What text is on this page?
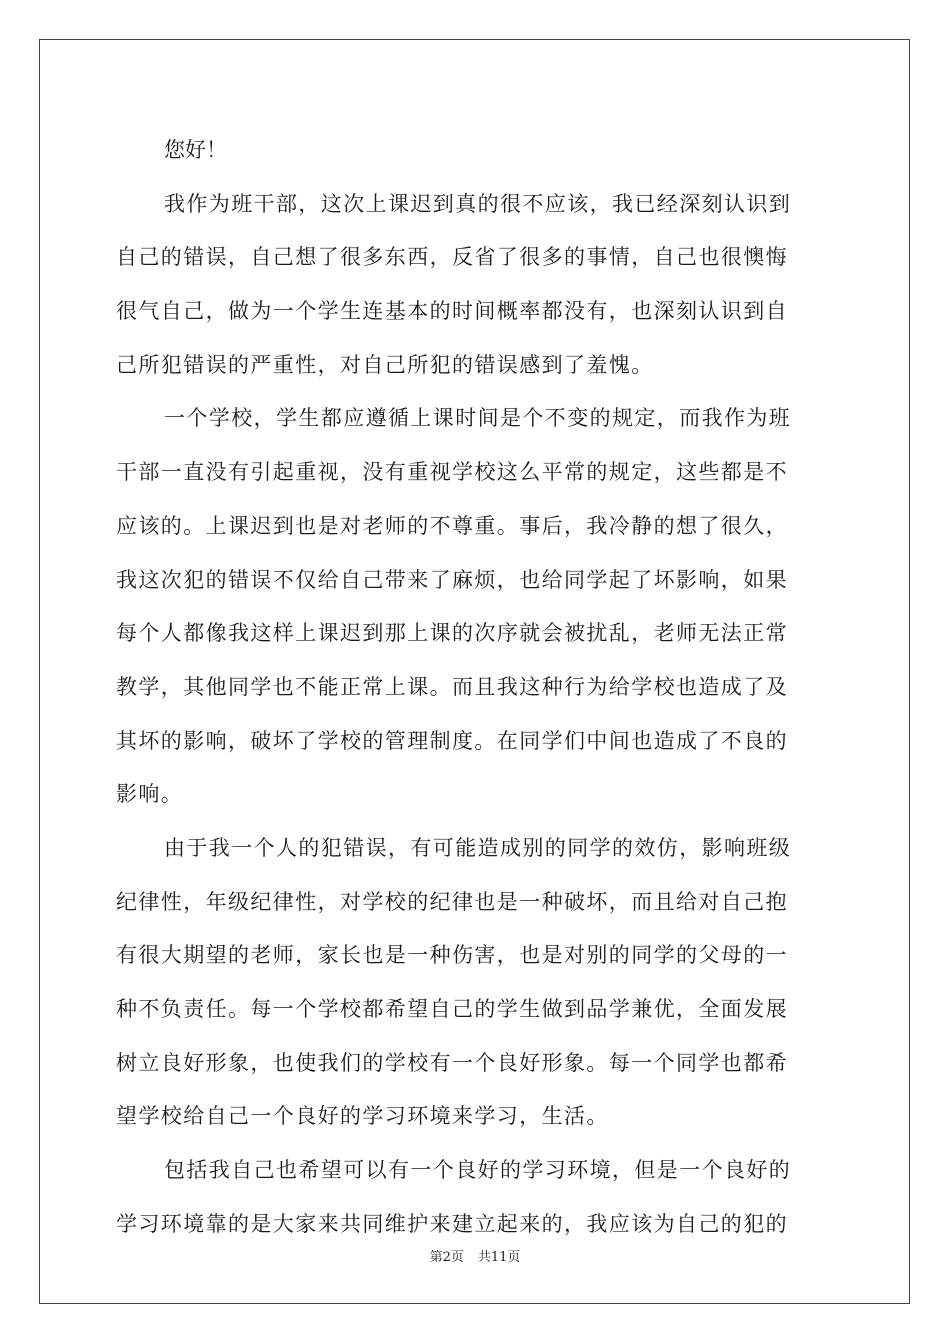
您好！

我作为班干部，这次上课迟到真的很不应该，我已经深刻认识到

自己的错误，自己想了很多东西，反省了很多的事情，自己也很懊悔

很气自己，做为一个学生连基本的时间概率都没有，也深刻认识到自

己所犯错误的严重性，对自己所犯的错误感到了羞愧。

一个学校，学生都应遵循上课时间是个不变的规定，而我作为班

干部一直没有引起重视，没有重视学校这么平常的规定，这些都是不

应该的。上课迟到也是对老师的不尊重。事后，我冷静的想了很久，

我这次犯的错误不仅给自己带来了麻烦，也给同学起了坏影响，如果

每个人都像我这样上课迟到那上课的次序就会被扰乱，老师无法正常

教学，其他同学也不能正常上课。而且我这种行为给学校也造成了及

其坏的影响，破坏了学校的管理制度。在同学们中间也造成了不良的

影响。

由于我一个人的犯错误，有可能造成别的同学的效仿，影响班级

纪律性，年级纪律性，对学校的纪律也是一种破坏，而且给对自己抱

有很大期望的老师，家长也是一种伤害，也是对别的同学的父母的一

种不负责任。每一个学校都希望自己的学生做到品学兼优，全面发展

树立良好形象，也使我们的学校有一个良好形象。每一个同学也都希

望学校给自己一个良好的学习环境来学习，生活。

包括我自己也希望可以有一个良好的学习环境，但是一个良好的

学习环境靠的是大家来共同维护来建立起来的，我应该为自己的犯的

第2页 共11页
